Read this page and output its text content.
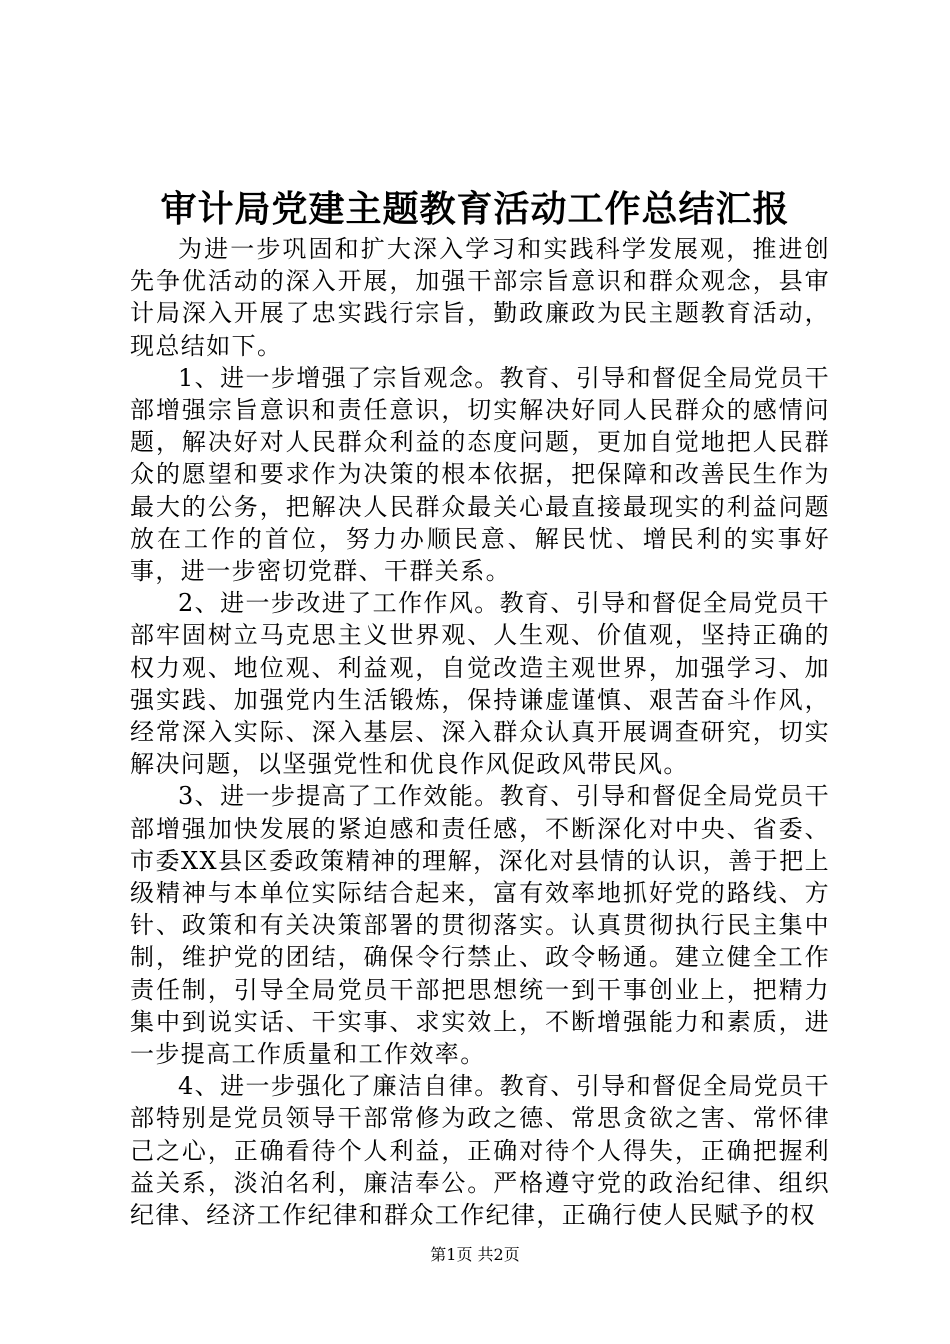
审计局党建主题教育活动工作总结汇报

为进一步巩固和扩大深入学习和实践科学发展观，推进创先争优活动的深入开展，加强干部宗旨意识和群众观念，县审计局深入开展了忠实践行宗旨，勤政廉政为民主题教育活动，现总结如下。

1、进一步增强了宗旨观念。教育、引导和督促全局党员干部增强宗旨意识和责任意识，切实解决好同人民群众的感情问题，解决好对人民群众利益的态度问题，更加自觉地把人民群众的愿望和要求作为决策的根本依据，把保障和改善民生作为最大的公务，把解决人民群众最关心最直接最现实的利益问题放在工作的首位，努力办顺民意、解民忧、增民利的实事好事，进一步密切党群、干群关系。

2、进一步改进了工作作风。教育、引导和督促全局党员干部牢固树立马克思主义世界观、人生观、价值观，坚持正确的权力观、地位观、利益观，自觉改造主观世界，加强学习、加强实践、加强党内生活锻炼，保持谦虚谨慎、艰苦奋斗作风，经常深入实际、深入基层、深入群众认真开展调查研究，切实解决问题，以坚强党性和优良作风促政风带民风。

3、进一步提高了工作效能。教育、引导和督促全局党员干部增强加快发展的紧迫感和责任感，不断深化对中央、省委、市委XX县区委政策精神的理解，深化对县情的认识，善于把上级精神与本单位实际结合起来，富有效率地抓好党的路线、方针、政策和有关决策部署的贯彻落实。认真贯彻执行民主集中制，维护党的团结，确保令行禁止、政令畅通。建立健全工作责任制，引导全局党员干部把思想统一到干事创业上，把精力集中到说实话、干实事、求实效上，不断增强能力和素质，进一步提高工作质量和工作效率。

4、进一步强化了廉洁自律。教育、引导和督促全局党员干部特别是党员领导干部常修为政之德、常思贪欲之害、常怀律己之心，正确看待个人利益，正确对待个人得失，正确把握利益关系，淡泊名利，廉洁奉公。严格遵守党的政治纪律、组织纪律、经济工作纪律和群众工作纪律，正确行使人民赋予的权

第1页 共2页
